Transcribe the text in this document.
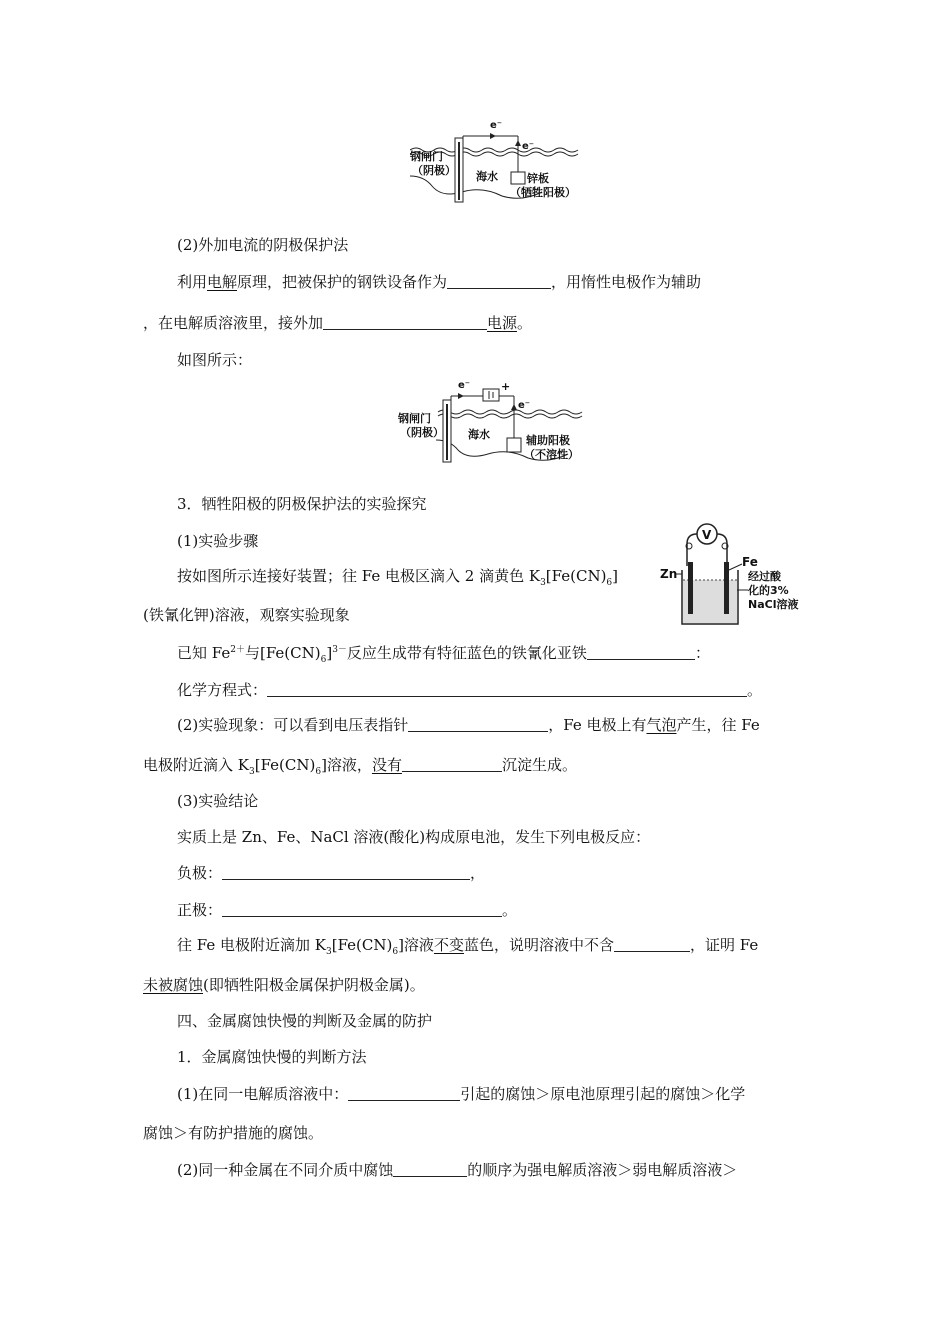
e⁻
e⁻
钢闸门
（阴极） 海水	锌板
（牺牲阳极）
(2)外加电流的阴极保护法
利用电解原理，把被保护的钢铁设备作为	，用惰性电极作为辅助
，在电解质溶液里，接外加	电源。
如图所示：
e⁻	+
e⁻
钢闸门
（阴极） 海水	辅助阳极
（不溶性）
3．牺牲阳极的阴极保护法的实验探究
(1)实验步骤	V
Zn
Fe
经过酸
化的3%
NaCl溶液
按如图所示连接好装置；往 Fe 电极区滴入 2 滴黄色 $K_3[Fe(CN)_6]$
(铁氰化钾)溶液，观察实验现象
已知 $Fe^{2+}$与$[Fe(CN)_6]^{3-}$反应生成带有特征蓝色的铁氰化亚铁	：
化学方程式：	。
(2)实验现象：可以看到电压表指针	，Fe 电极上有气泡产生，往 Fe
电极附近滴入 $K_3[Fe(CN)_6]$溶液，没有	沉淀生成。
(3)实验结论
实质上是 Zn、Fe、NaCl 溶液(酸化)构成原电池，发生下列电极反应：
负极：	，
正极：	。
往 Fe 电极附近滴加 $K_3[Fe(CN)_6]$溶液不变蓝色，说明溶液中不含	，证明 Fe
未被腐蚀(即牺牲阳极金属保护阴极金属)。
四、金属腐蚀快慢的判断及金属的防护
1．金属腐蚀快慢的判断方法
(1)在同一电解质溶液中：	引起的腐蚀＞原电池原理引起的腐蚀＞化学
腐蚀＞有防护措施的腐蚀。
(2)同一种金属在不同介质中腐蚀	的顺序为强电解质溶液＞弱电解质溶液＞
